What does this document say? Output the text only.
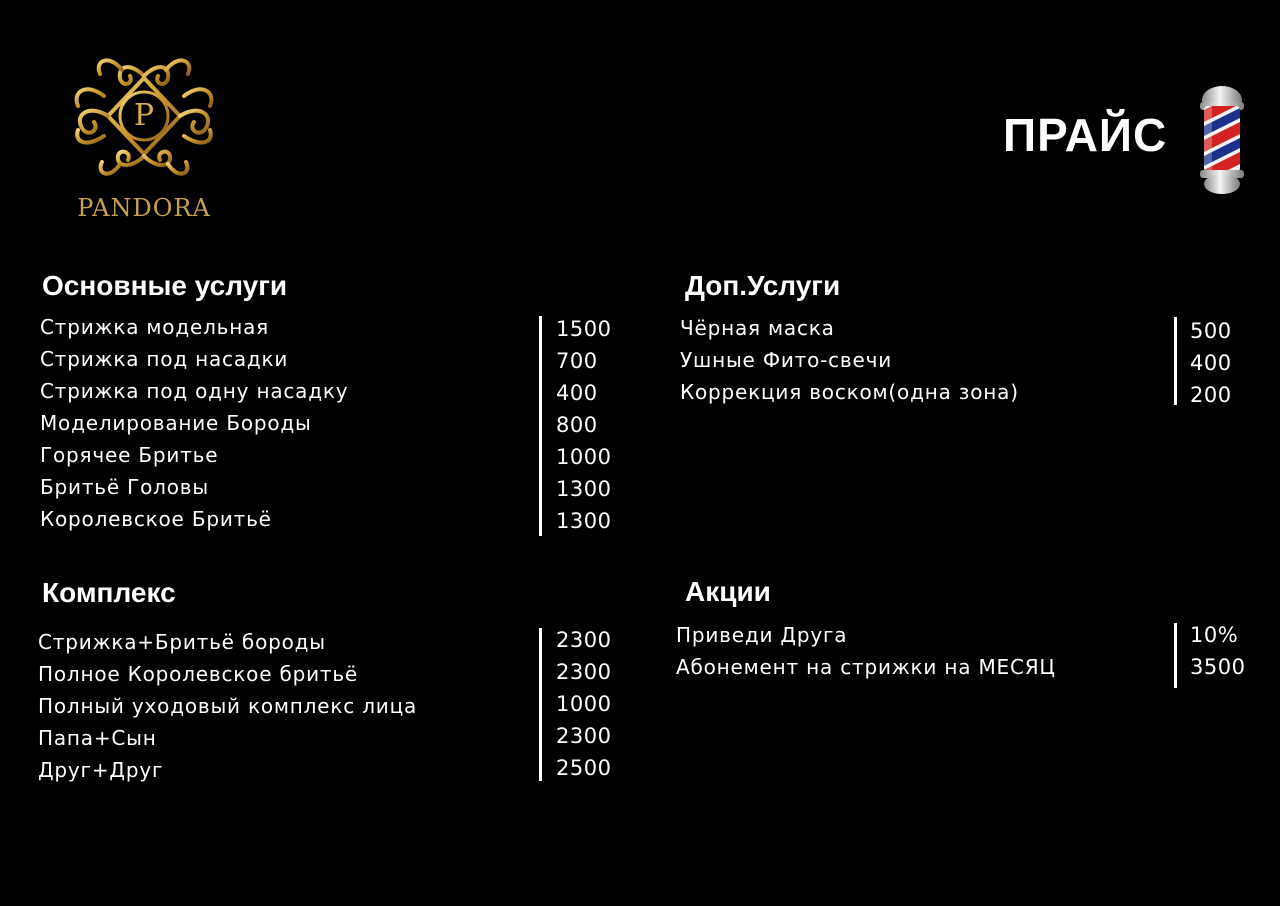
P
PANDORA
ПРАЙС
Основные услуги
Стрижка модельная
Стрижка под насадки
Стрижка под одну насадку
Моделирование Бороды
Горячее Бритье
Бритьё Головы
Королевское Бритьё
1500
700
400
800
1000
1300
1300
Доп.Услуги
Чёрная маска
Ушные Фито-свечи
Коррекция воском(одна зона)
500
400
200
Комплекс
Стрижка+Бритьё бороды
Полное Королевское бритьё
Полный уходовый комплекс лица
Папа+Сын
Друг+Друг
2300
2300
1000
2300
2500
Акции
Приведи Друга
Абонемент на стрижки на МЕСЯЦ
10%
3500
